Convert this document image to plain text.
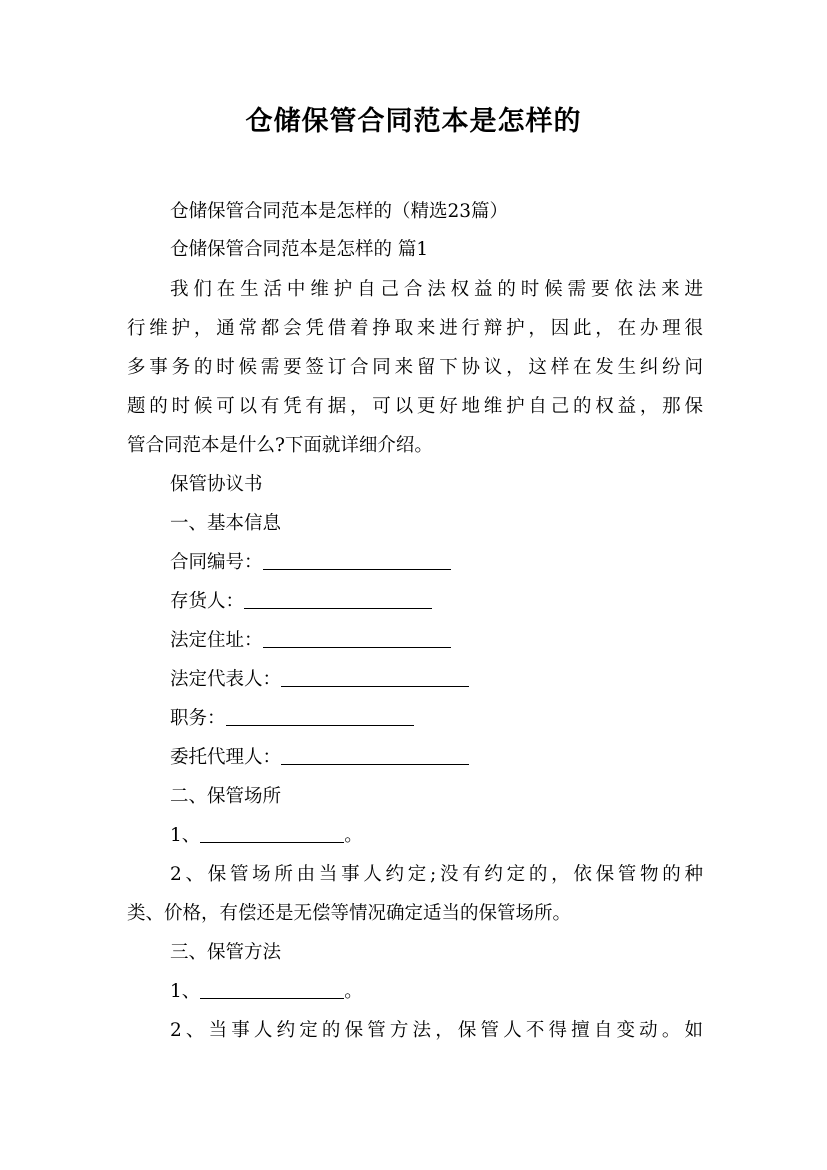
仓储保管合同范本是怎样的
仓储保管合同范本是怎样的（精选23篇）
仓储保管合同范本是怎样的 篇1
我们在生活中维护自己合法权益的时候需要依法来进
行维护，通常都会凭借着挣取来进行辩护，因此，在办理很
多事务的时候需要签订合同来留下协议，这样在发生纠纷问
题的时候可以有凭有据，可以更好地维护自己的权益，那保
管合同范本是什么?下面就详细介绍。
保管协议书
一、基本信息
合同编号：
存货人：
法定住址：
法定代表人：
职务：
委托代理人：
二、保管场所
1、	。
2、保管场所由当事人约定;没有约定的，依保管物的种
类、价格，有偿还是无偿等情况确定适当的保管场所。
三、保管方法
1、	。
2、当事人约定的保管方法，保管人不得擅自变动。如
